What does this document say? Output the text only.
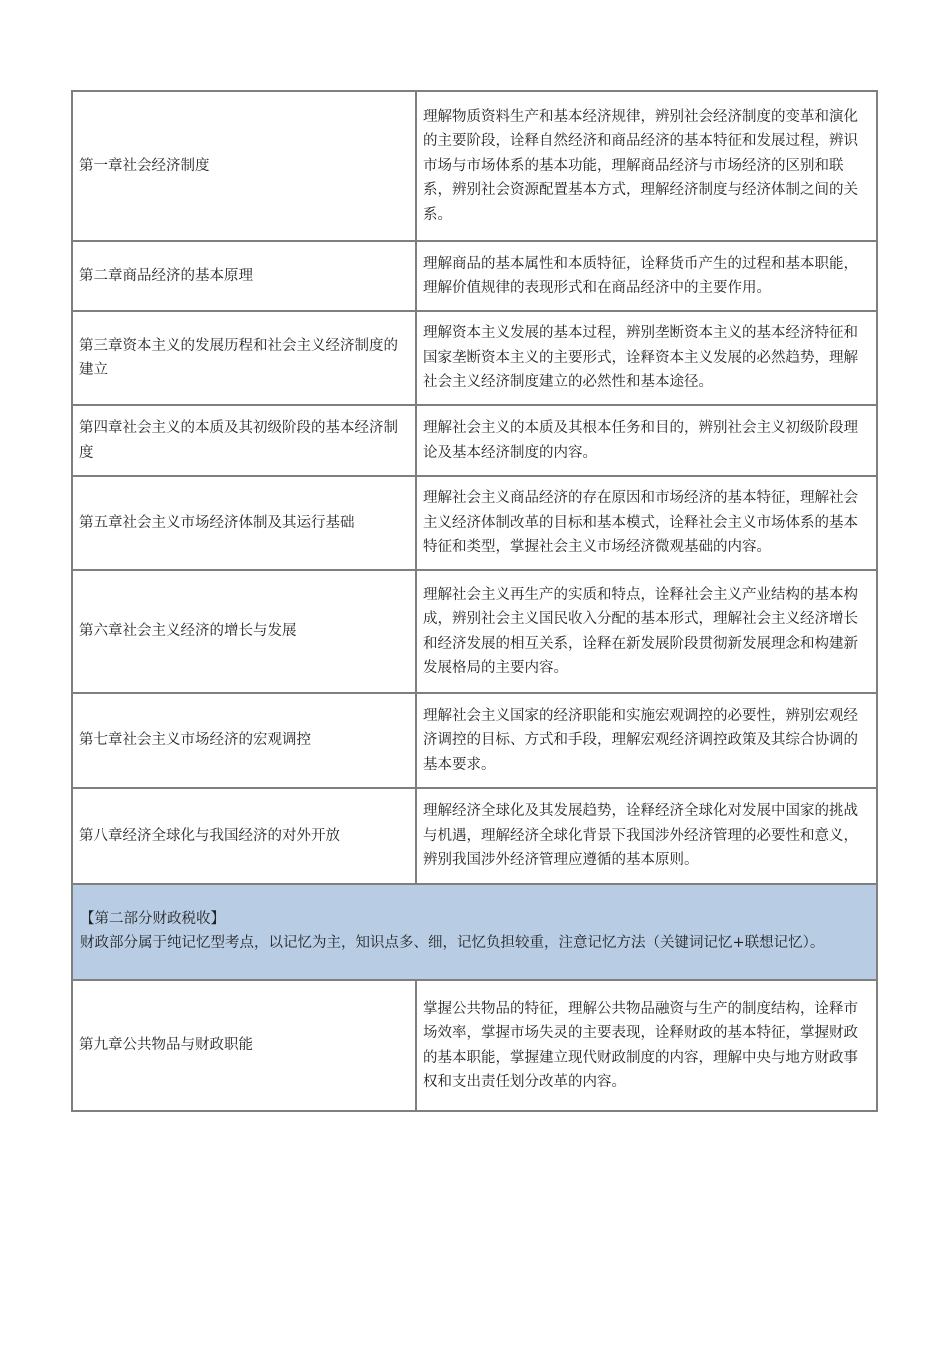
第一章社会经济制度	理解物质资料生产和基本经济规律，辨别社会经济制度的变革和演化的主要阶段，诠释自然经济和商品经济的基本特征和发展过程，辨识市场与市场体系的基本功能，理解商品经济与市场经济的区别和联系，辨别社会资源配置基本方式，理解经济制度与经济体制之间的关系。
第二章商品经济的基本原理	理解商品的基本属性和本质特征，诠释货币产生的过程和基本职能，理解价值规律的表现形式和在商品经济中的主要作用。
第三章资本主义的发展历程和社会主义经济制度的建立	理解资本主义发展的基本过程，辨别垄断资本主义的基本经济特征和国家垄断资本主义的主要形式，诠释资本主义发展的必然趋势，理解社会主义经济制度建立的必然性和基本途径。
第四章社会主义的本质及其初级阶段的基本经济制度	理解社会主义的本质及其根本任务和目的，辨别社会主义初级阶段理论及基本经济制度的内容。
第五章社会主义市场经济体制及其运行基础	理解社会主义商品经济的存在原因和市场经济的基本特征，理解社会主义经济体制改革的目标和基本模式，诠释社会主义市场体系的基本特征和类型，掌握社会主义市场经济微观基础的内容。
第六章社会主义经济的增长与发展	理解社会主义再生产的实质和特点，诠释社会主义产业结构的基本构成，辨别社会主义国民收入分配的基本形式，理解社会主义经济增长和经济发展的相互关系，诠释在新发展阶段贯彻新发展理念和构建新发展格局的主要内容。
第七章社会主义市场经济的宏观调控	理解社会主义国家的经济职能和实施宏观调控的必要性，辨别宏观经济调控的目标、方式和手段，理解宏观经济调控政策及其综合协调的基本要求。
第八章经济全球化与我国经济的对外开放	理解经济全球化及其发展趋势，诠释经济全球化对发展中国家的挑战与机遇，理解经济全球化背景下我国涉外经济管理的必要性和意义，辨别我国涉外经济管理应遵循的基本原则。

【第二部分财政税收】
财政部分属于纯记忆型考点，以记忆为主，知识点多、细，记忆负担较重，注意记忆方法（关键词记忆+联想记忆）。	

第九章公共物品与财政职能	掌握公共物品的特征，理解公共物品融资与生产的制度结构，诠释市场效率，掌握市场失灵的主要表现，诠释财政的基本特征，掌握财政的基本职能，掌握建立现代财政制度的内容，理解中央与地方财政事权和支出责任划分改革的内容。
